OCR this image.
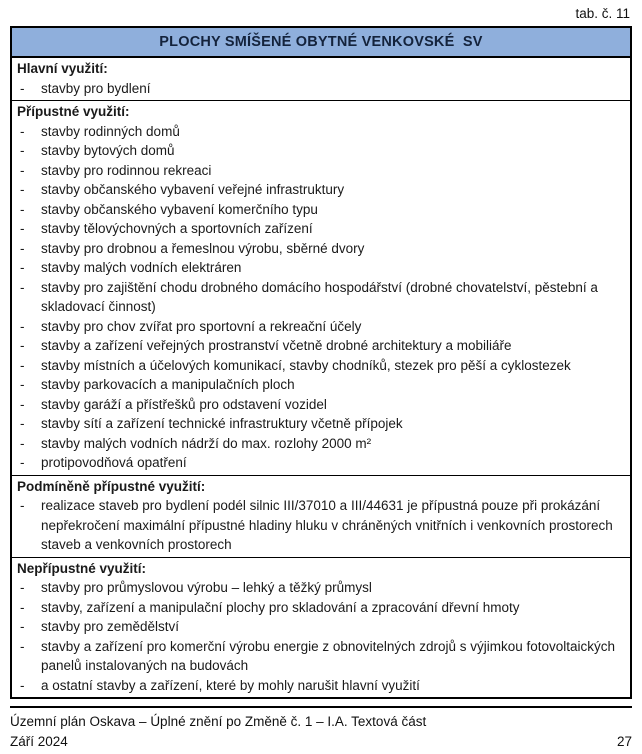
tab. č. 11
PLOCHY SMÍŠENÉ OBYTNÉ VENKOVSKÉ  SV
Hlavní využití:
-	stavby pro bydlení
Přípustné využití:
-	stavby rodinných domů
-	stavby bytových domů
-	stavby pro rodinnou rekreaci
-	stavby občanského vybavení veřejné infrastruktury
-	stavby občanského vybavení komerčního typu
-	stavby tělovýchovných a sportovních zařízení
-	stavby pro drobnou a řemeslnou výrobu, sběrné dvory
-	stavby malých vodních elektráren
-	stavby pro zajištění chodu drobného domácího hospodářství (drobné chovatelství, pěstební a skladovací činnost)
-	stavby pro chov zvířat pro sportovní a rekreační účely
-	stavby a zařízení veřejných prostranství včetně drobné architektury a mobiliáře
-	stavby místních a účelových komunikací, stavby chodníků, stezek pro pěší a cyklostezek
-	stavby parkovacích a manipulačních ploch
-	stavby garáží a přístřešků pro odstavení vozidel
-	stavby sítí a zařízení technické infrastruktury včetně přípojek
-	stavby malých vodních nádrží do max. rozlohy 2000 m²
-	protipovodňová opatření
Podmíněně přípustné využití:
-	realizace staveb pro bydlení podél silnic III/37010 a III/44631 je přípustná pouze při prokázání nepřekročení maximální přípustné hladiny hluku v chráněných vnitřních i venkovních prostorech staveb a venkovních prostorech
Nepřípustné využití:
-	stavby pro průmyslovou výrobu – lehký a těžký průmysl
-	stavby, zařízení a manipulační plochy pro skladování a zpracování dřevní hmoty
-	stavby pro zemědělství
-	stavby a zařízení pro komerční výrobu energie z obnovitelných zdrojů s výjimkou fotovoltaických panelů instalovaných na budovách
-	a ostatní stavby a zařízení, které by mohly narušit hlavní využití
Územní plán Oskava – Úplné znění po Změně č. 1 – I.A. Textová část
Září 2024	27
